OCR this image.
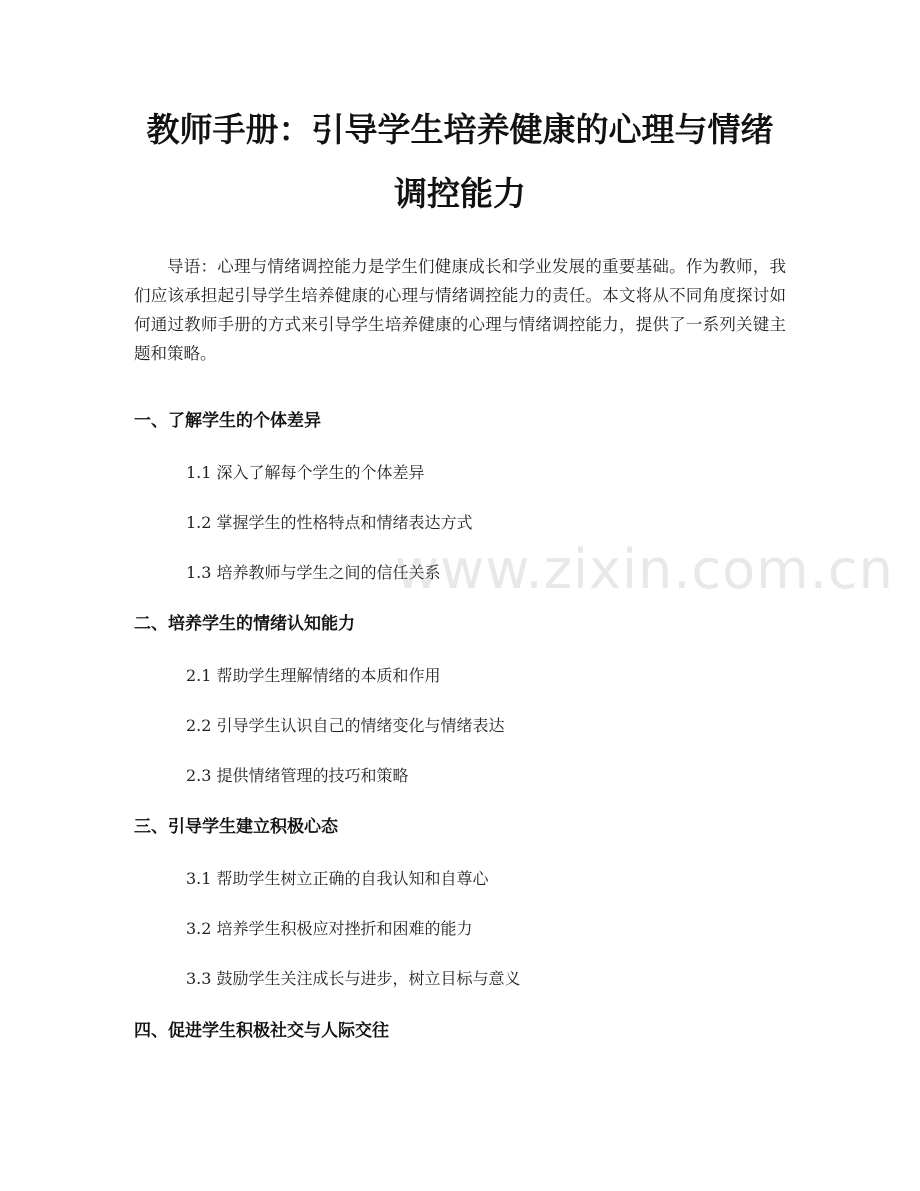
教师手册：引导学生培养健康的心理与情绪
调控能力

导语：心理与情绪调控能力是学生们健康成长和学业发展的重要基础。作为教师，我们应该承担起引导学生培养健康的心理与情绪调控能力的责任。本文将从不同角度探讨如何通过教师手册的方式来引导学生培养健康的心理与情绪调控能力，提供了一系列关键主题和策略。

一、了解学生的个体差异

1.1 深入了解每个学生的个体差异

1.2 掌握学生的性格特点和情绪表达方式

1.3 培养教师与学生之间的信任关系

二、培养学生的情绪认知能力

2.1 帮助学生理解情绪的本质和作用

2.2 引导学生认识自己的情绪变化与情绪表达

2.3 提供情绪管理的技巧和策略

三、引导学生建立积极心态

3.1 帮助学生树立正确的自我认知和自尊心

3.2 培养学生积极应对挫折和困难的能力

3.3 鼓励学生关注成长与进步，树立目标与意义

四、促进学生积极社交与人际交往
www.zixin.com.cn
